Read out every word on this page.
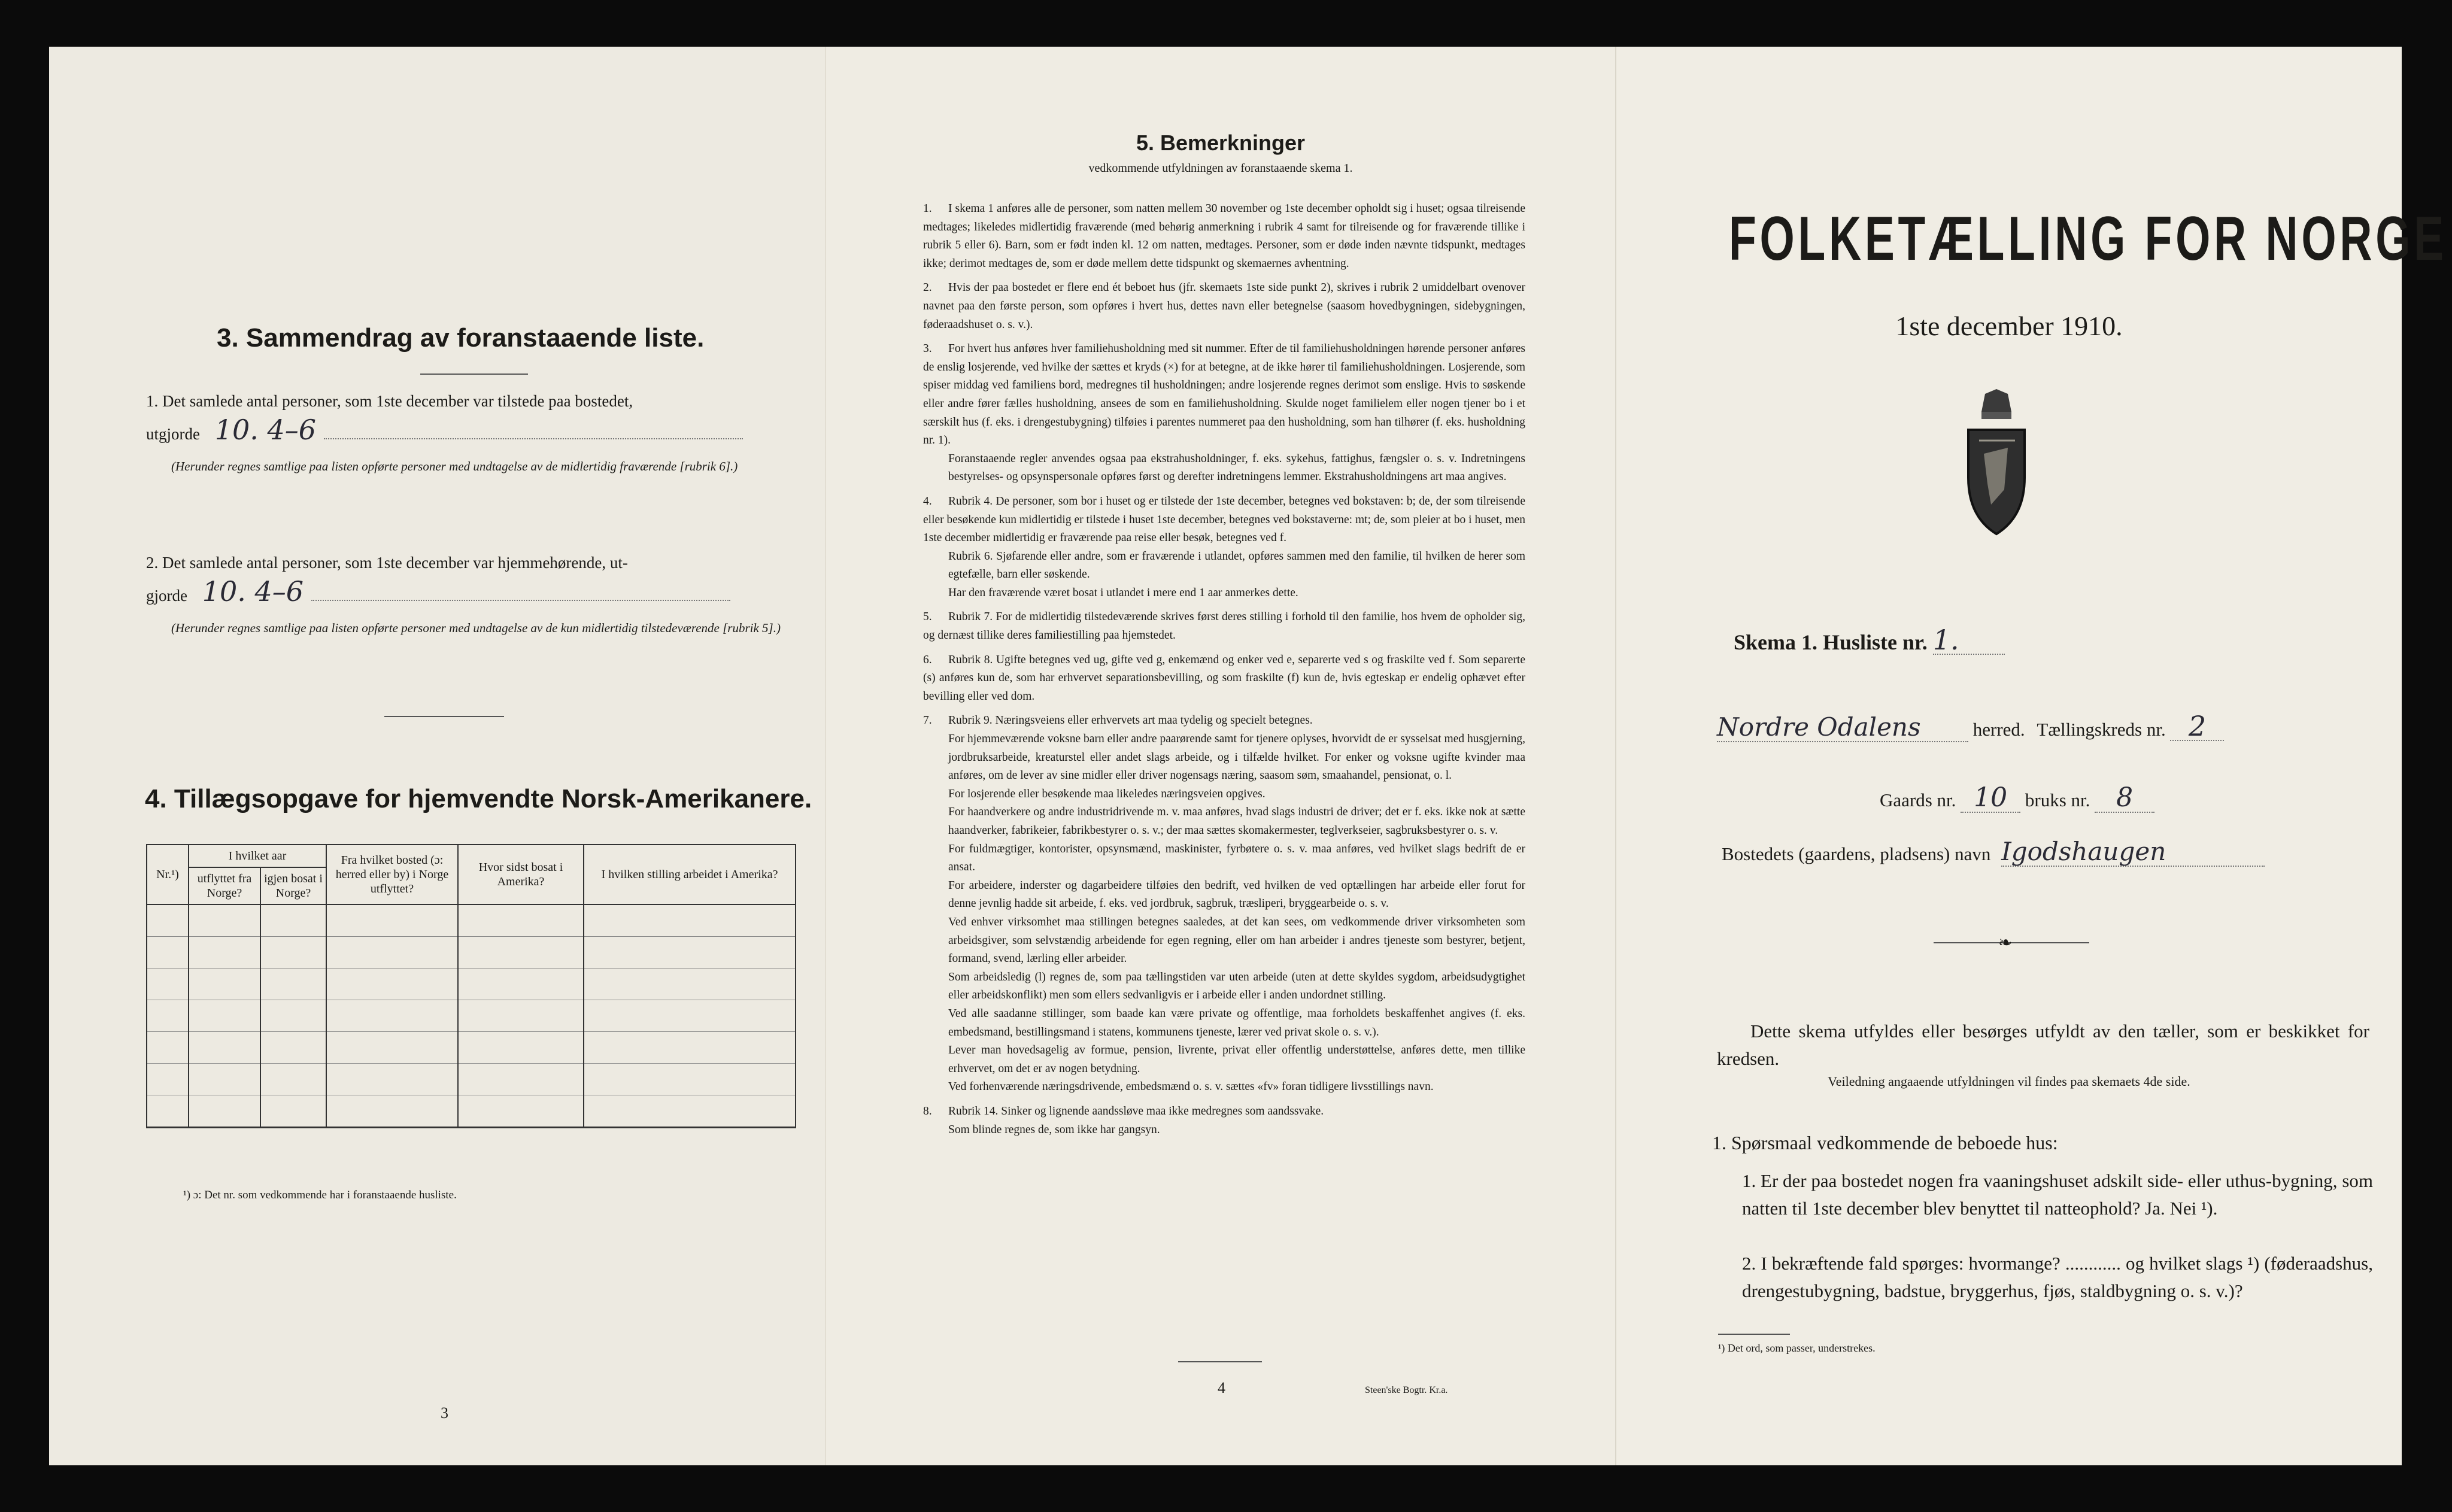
3. Sammendrag av foranstaaende liste.
1. Det samlede antal personer, som 1ste december var tilstede paa bostedet,
utgjorde 10. 4–6
(Herunder regnes samtlige paa listen opførte personer med undtagelse av de midlertidig fraværende [rubrik 6].)
2. Det samlede antal personer, som 1ste december var hjemmehørende, ut-
gjorde 10. 4–6
(Herunder regnes samtlige paa listen opførte personer med undtagelse av de kun midlertidig tilstedeværende [rubrik 5].)
4. Tillægsopgave for hjemvendte Norsk-Amerikanere.
Nr.¹)	I hvilket aar		Fra hvilket bosted (ɔ: herred eller by) i Norge utflyttet?	Hvor sidst bosat i Amerika?	I hvilken stilling arbeidet i Amerika?
	utflyttet fra Norge?	igjen bosat i Norge?			

¹) ɔ: Det nr. som vedkommende har i foranstaaende husliste.
3
5. Bemerkninger
vedkommende utfyldningen av foranstaaende skema 1.

1. I skema 1 anføres alle de personer, som natten mellem 30 november og 1ste december opholdt sig i huset; ogsaa tilreisende medtages; likeledes midlertidig fraværende (med behørig anmerkning i rubrik 4 samt for tilreisende og for fraværende tillike i rubrik 5 eller 6). Barn, som er født inden kl. 12 om natten, medtages. Personer, som er døde inden nævnte tidspunkt, medtages ikke; derimot medtages de, som er døde mellem dette tidspunkt og skemaernes avhentning.

2. Hvis der paa bostedet er flere end ét beboet hus (jfr. skemaets 1ste side punkt 2), skrives i rubrik 2 umiddelbart ovenover navnet paa den første person, som opføres i hvert hus, dettes navn eller betegnelse (saasom hovedbygningen, sidebygningen, føderaadshuset o. s. v.).

3. For hvert hus anføres hver familiehusholdning med sit nummer. Efter de til familiehusholdningen hørende personer anføres de enslig losjerende, ved hvilke der sættes et kryds (×) for at betegne, at de ikke hører til familiehusholdningen. Losjerende, som spiser middag ved familiens bord, medregnes til husholdningen; andre losjerende regnes derimot som enslige. Hvis to søskende eller andre fører fælles husholdning, ansees de som en familiehusholdning. Skulde noget familielem eller nogen tjener bo i et særskilt hus (f. eks. i drengestubygning) tilføies i parentes nummeret paa den husholdning, som han tilhører (f. eks. husholdning nr. 1).

Foranstaaende regler anvendes ogsaa paa ekstrahusholdninger, f. eks. sykehus, fattighus, fængsler o. s. v. Indretningens bestyrelses- og opsynspersonale opføres først og derefter indretningens lemmer. Ekstrahusholdningens art maa angives.

4. Rubrik 4. De personer, som bor i huset og er tilstede der 1ste december, betegnes ved bokstaven: b; de, der som tilreisende eller besøkende kun midlertidig er tilstede i huset 1ste december, betegnes ved bokstaverne: mt; de, som pleier at bo i huset, men 1ste december midlertidig er fraværende paa reise eller besøk, betegnes ved f.

Rubrik 6. Sjøfarende eller andre, som er fraværende i utlandet, opføres sammen med den familie, til hvilken de herer som egtefælle, barn eller søskende.

Har den fraværende været bosat i utlandet i mere end 1 aar anmerkes dette.

5. Rubrik 7. For de midlertidig tilstedeværende skrives først deres stilling i forhold til den familie, hos hvem de opholder sig, og dernæst tillike deres familiestilling paa hjemstedet.

6. Rubrik 8. Ugifte betegnes ved ug, gifte ved g, enkemænd og enker ved e, separerte ved s og fraskilte ved f. Som separerte (s) anføres kun de, som har erhvervet separationsbevilling, og som fraskilte (f) kun de, hvis egteskap er endelig ophævet efter bevilling eller ved dom.

7. Rubrik 9. Næringsveiens eller erhvervets art maa tydelig og specielt betegnes.

For hjemmeværende voksne barn eller andre paarørende samt for tjenere oplyses, hvorvidt de er sysselsat med husgjerning, jordbruksarbeide, kreaturstel eller andet slags arbeide, og i tilfælde hvilket. For enker og voksne ugifte kvinder maa anføres, om de lever av sine midler eller driver nogensags næring, saasom søm, smaahandel, pensionat, o. l.

For losjerende eller besøkende maa likeledes næringsveien opgives.

For haandverkere og andre industridrivende m. v. maa anføres, hvad slags industri de driver; det er f. eks. ikke nok at sætte haandverker, fabrikeier, fabrikbestyrer o. s. v.; der maa sættes skomakermester, teglverkseier, sagbruksbestyrer o. s. v.

For fuldmægtiger, kontorister, opsynsmænd, maskinister, fyrbøtere o. s. v. maa anføres, ved hvilket slags bedrift de er ansat.

For arbeidere, inderster og dagarbeidere tilføies den bedrift, ved hvilken de ved optællingen har arbeide eller forut for denne jevnlig hadde sit arbeide, f. eks. ved jordbruk, sagbruk, træsliperi, bryggearbeide o. s. v.

Ved enhver virksomhet maa stillingen betegnes saaledes, at det kan sees, om vedkommende driver virksomheten som arbeidsgiver, som selvstændig arbeidende for egen regning, eller om han arbeider i andres tjeneste som bestyrer, betjent, formand, svend, lærling eller arbeider.

Som arbeidsledig (l) regnes de, som paa tællingstiden var uten arbeide (uten at dette skyldes sygdom, arbeidsudygtighet eller arbeidskonflikt) men som ellers sedvanligvis er i arbeide eller i anden undordnet stilling.

Ved alle saadanne stillinger, som baade kan være private og offentlige, maa forholdets beskaffenhet angives (f. eks. embedsmand, bestillingsmand i statens, kommunens tjeneste, lærer ved privat skole o. s. v.).

Lever man hovedsagelig av formue, pension, livrente, privat eller offentlig understøttelse, anføres dette, men tillike erhvervet, om det er av nogen betydning.

Ved forhenværende næringsdrivende, embedsmænd o. s. v. sættes «fv» foran tidligere livsstillings navn.

8. Rubrik 14. Sinker og lignende aandssløve maa ikke medregnes som aandssvake.

Som blinde regnes de, som ikke har gangsyn.

4	Steen'ske Bogtr. Kr.a.
FOLKETÆLLING FOR NORGE
1ste december 1910.
Skema 1. Husliste nr. 1.
Nordre Odalens	herred. Tællingskreds nr. 2
Gaards nr. 10 bruks nr. 8
Bostedets (gaardens, pladsens) navn Igodshaugen
❧
Dette skema utfyldes eller besørges utfyldt av den tæller, som er beskikket for kredsen.
Veiledning angaaende utfyldningen vil findes paa skemaets 4de side.
1. Spørsmaal vedkommende de beboede hus:
1. Er der paa bostedet nogen fra vaaningshuset adskilt side- eller uthus-bygning, som natten til 1ste december blev benyttet til natteophold? Ja. Nei ¹).
2. I bekræftende fald spørges: hvormange? ............ og hvilket slags ¹) (føderaadshus, drengestubygning, badstue, bryggerhus, fjøs, staldbygning o. s. v.)?
¹) Det ord, som passer, understrekes.
